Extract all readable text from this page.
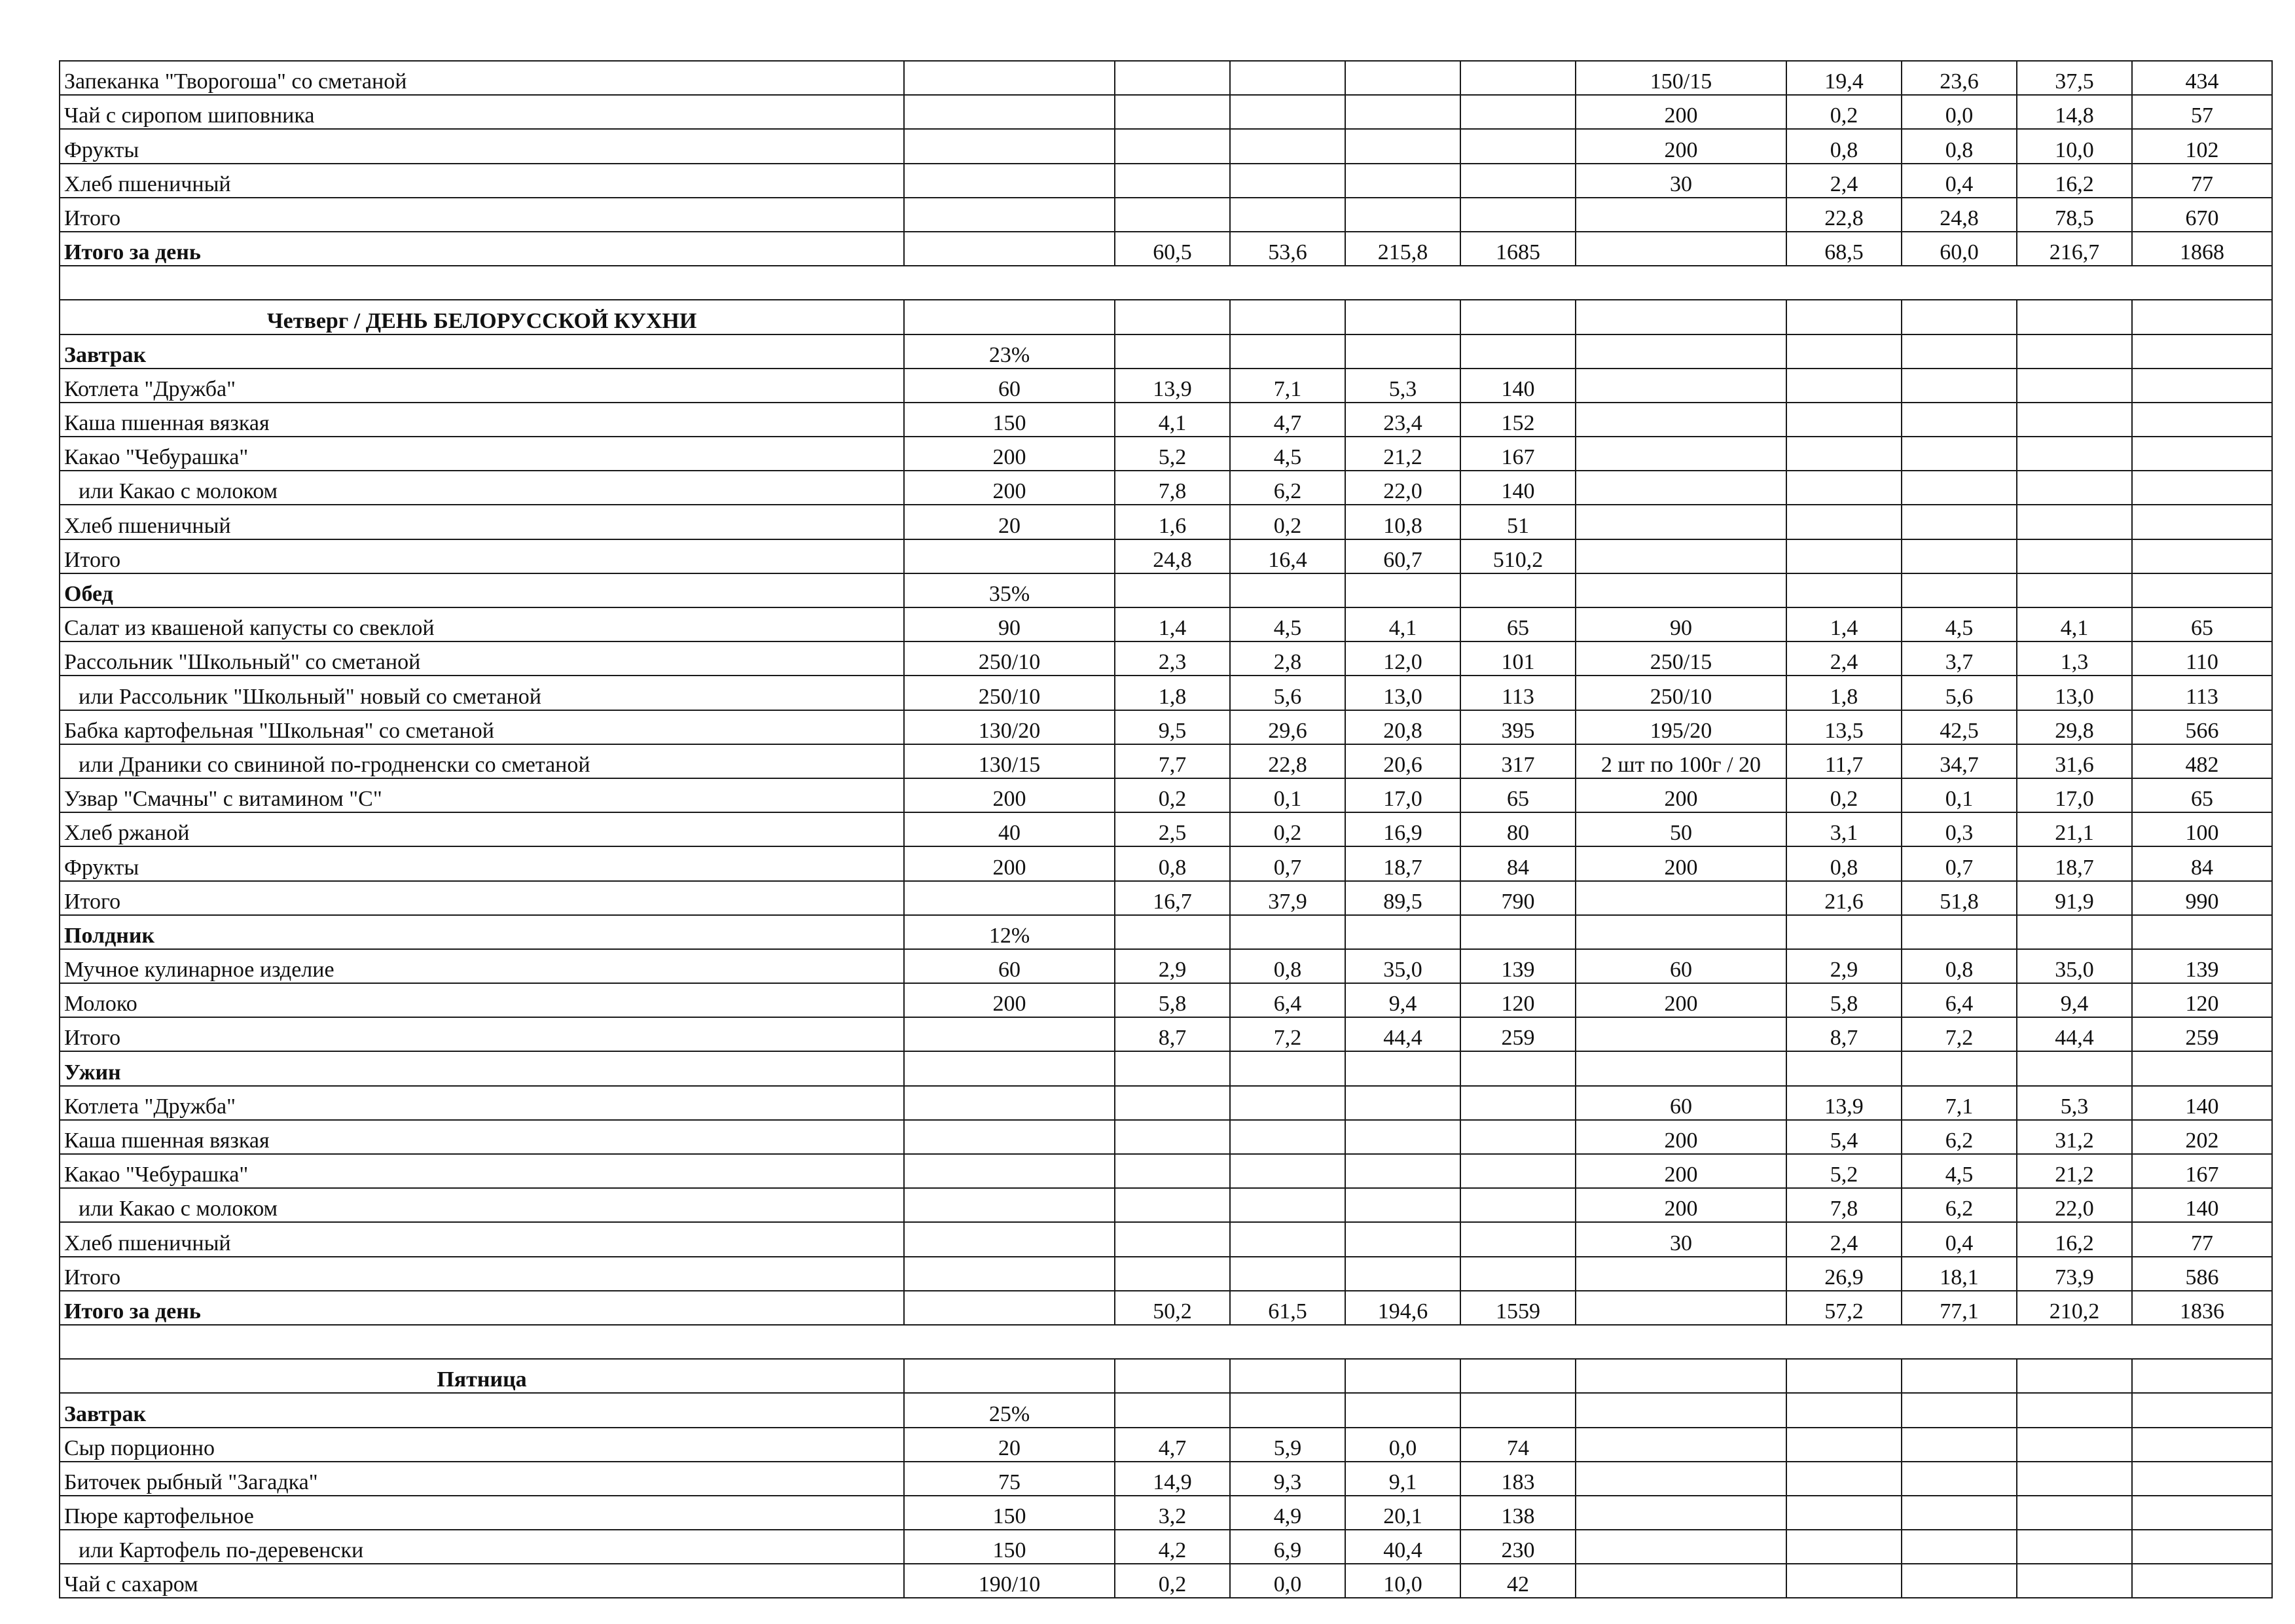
Запеканка "Творогоша" со сметаной						150/15	19,4	23,6	37,5	434
Чай с сиропом шиповника						200	0,2	0,0	14,8	57
Фрукты						200	0,8	0,8	10,0	102
Хлеб пшеничный						30	2,4	0,4	16,2	77
Итого							22,8	24,8	78,5	670
Итого за день		60,5	53,6	215,8	1685		68,5	60,0	216,7	1868

Четверг / ДЕНЬ БЕЛОРУССКОЙ КУХНИ										
Завтрак	23%									
Котлета "Дружба"	60	13,9	7,1	5,3	140					
Каша пшенная вязкая	150	4,1	4,7	23,4	152					
Какао "Чебурашка"	200	5,2	4,5	21,2	167					
или Какао с молоком	200	7,8	6,2	22,0	140					
Хлеб пшеничный	20	1,6	0,2	10,8	51					
Итого		24,8	16,4	60,7	510,2					
Обед	35%									
Салат из квашеной капусты со свеклой	90	1,4	4,5	4,1	65	90	1,4	4,5	4,1	65
Рассольник "Школьный" со сметаной	250/10	2,3	2,8	12,0	101	250/15	2,4	3,7	1,3	110
или Рассольник "Школьный" новый со сметаной	250/10	1,8	5,6	13,0	113	250/10	1,8	5,6	13,0	113
Бабка картофельная "Школьная" со сметаной	130/20	9,5	29,6	20,8	395	195/20	13,5	42,5	29,8	566
или Драники со свининой по-гродненски со сметаной	130/15	7,7	22,8	20,6	317	2 шт по 100г / 20	11,7	34,7	31,6	482
Узвар "Смачны" с витамином "С"	200	0,2	0,1	17,0	65	200	0,2	0,1	17,0	65
Хлеб ржаной	40	2,5	0,2	16,9	80	50	3,1	0,3	21,1	100
Фрукты	200	0,8	0,7	18,7	84	200	0,8	0,7	18,7	84
Итого		16,7	37,9	89,5	790		21,6	51,8	91,9	990
Полдник	12%									
Мучное кулинарное изделие	60	2,9	0,8	35,0	139	60	2,9	0,8	35,0	139
Молоко	200	5,8	6,4	9,4	120	200	5,8	6,4	9,4	120
Итого		8,7	7,2	44,4	259		8,7	7,2	44,4	259
Ужин										
Котлета "Дружба"						60	13,9	7,1	5,3	140
Каша пшенная вязкая						200	5,4	6,2	31,2	202
Какао "Чебурашка"						200	5,2	4,5	21,2	167
или Какао с молоком						200	7,8	6,2	22,0	140
Хлеб пшеничный						30	2,4	0,4	16,2	77
Итого							26,9	18,1	73,9	586
Итого за день		50,2	61,5	194,6	1559		57,2	77,1	210,2	1836

Пятница										
Завтрак	25%									
Сыр порционно	20	4,7	5,9	0,0	74					
Биточек рыбный "Загадка"	75	14,9	9,3	9,1	183					
Пюре картофельное	150	3,2	4,9	20,1	138					
или Картофель по-деревенски	150	4,2	6,9	40,4	230					
Чай с сахаром	190/10	0,2	0,0	10,0	42					
